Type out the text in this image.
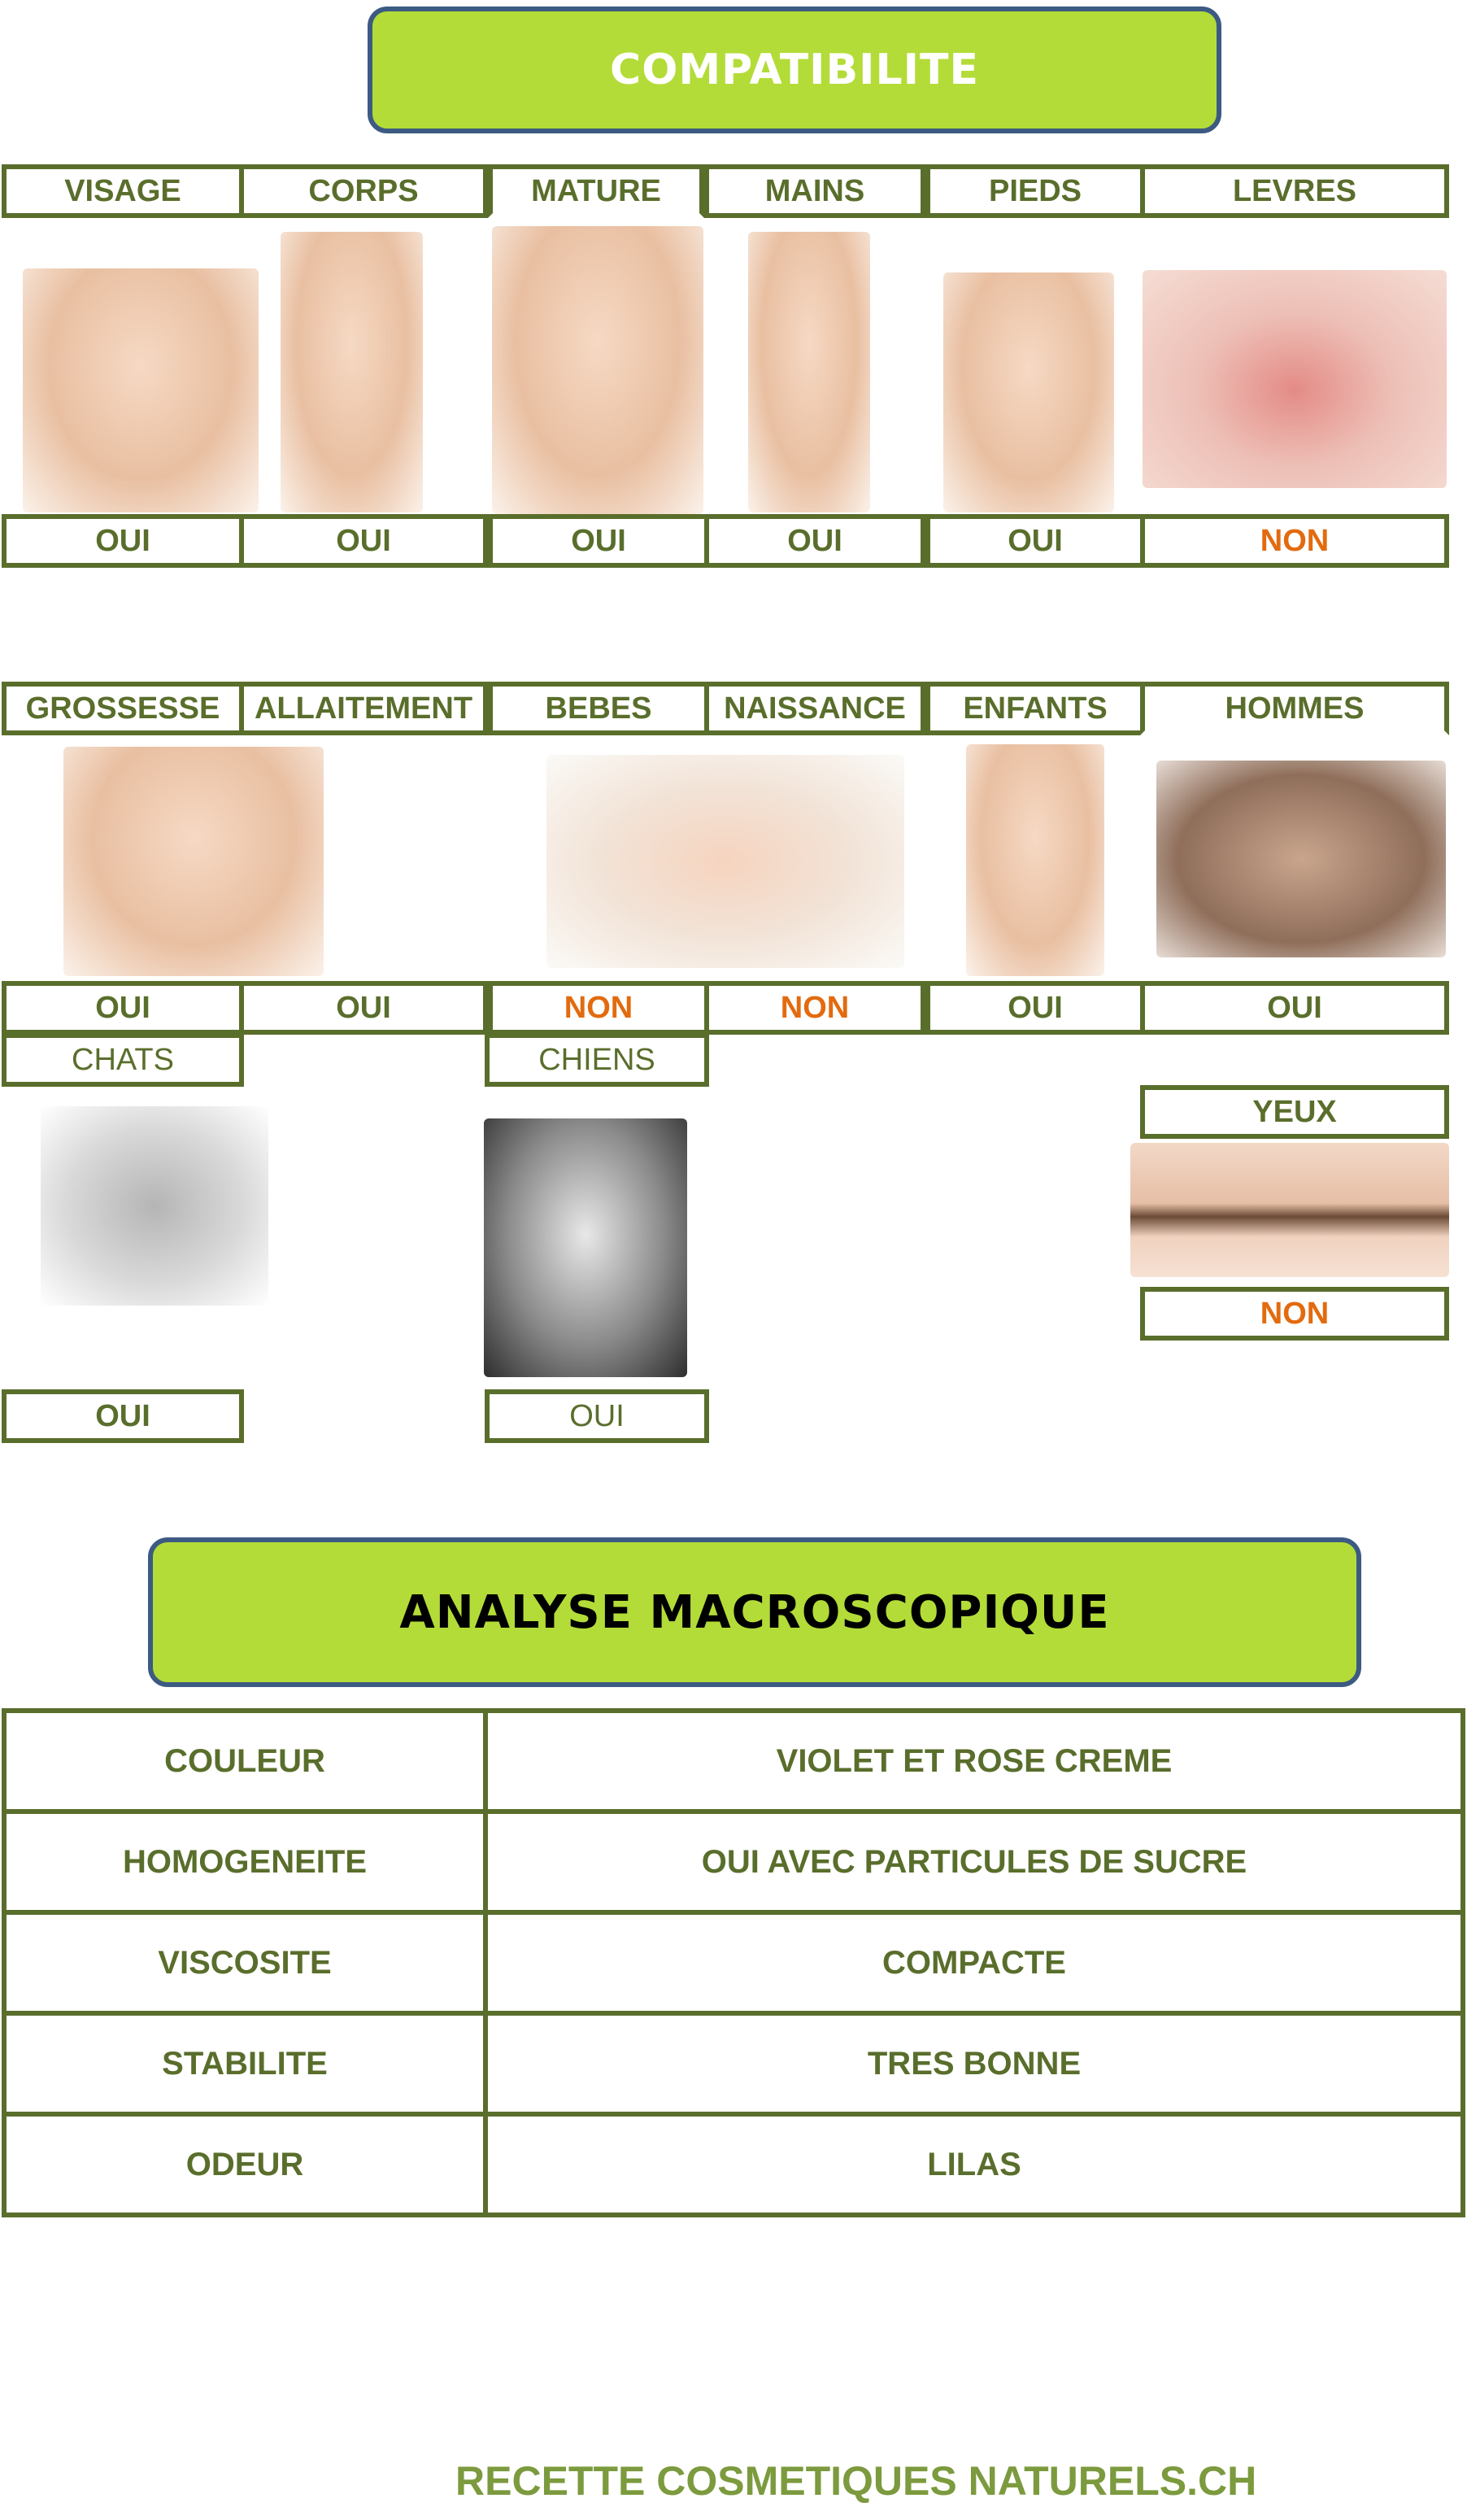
COMPATIBILITE
VISAGE	CORPS	MATURE	MAINS	PIEDS	LEVRES
OUI	OUI	OUI	OUI	OUI	NON
GROSSESSE	ALLAITEMENT	BEBES	NAISSANCE	ENFANTS	HOMMES
OUI	OUI	NON	NON	OUI	OUI
CHATS	CHIENS
OUI	OUI
YEUX
NON
ANALYSE MACROSCOPIQUE
COULEUR	VIOLET ET ROSE CREME
HOMOGENEITE	OUI AVEC PARTICULES DE SUCRE
VISCOSITE	COMPACTE
STABILITE	TRES BONNE
ODEUR	LILAS
RECETTE COSMETIQUES NATURELS.CH
